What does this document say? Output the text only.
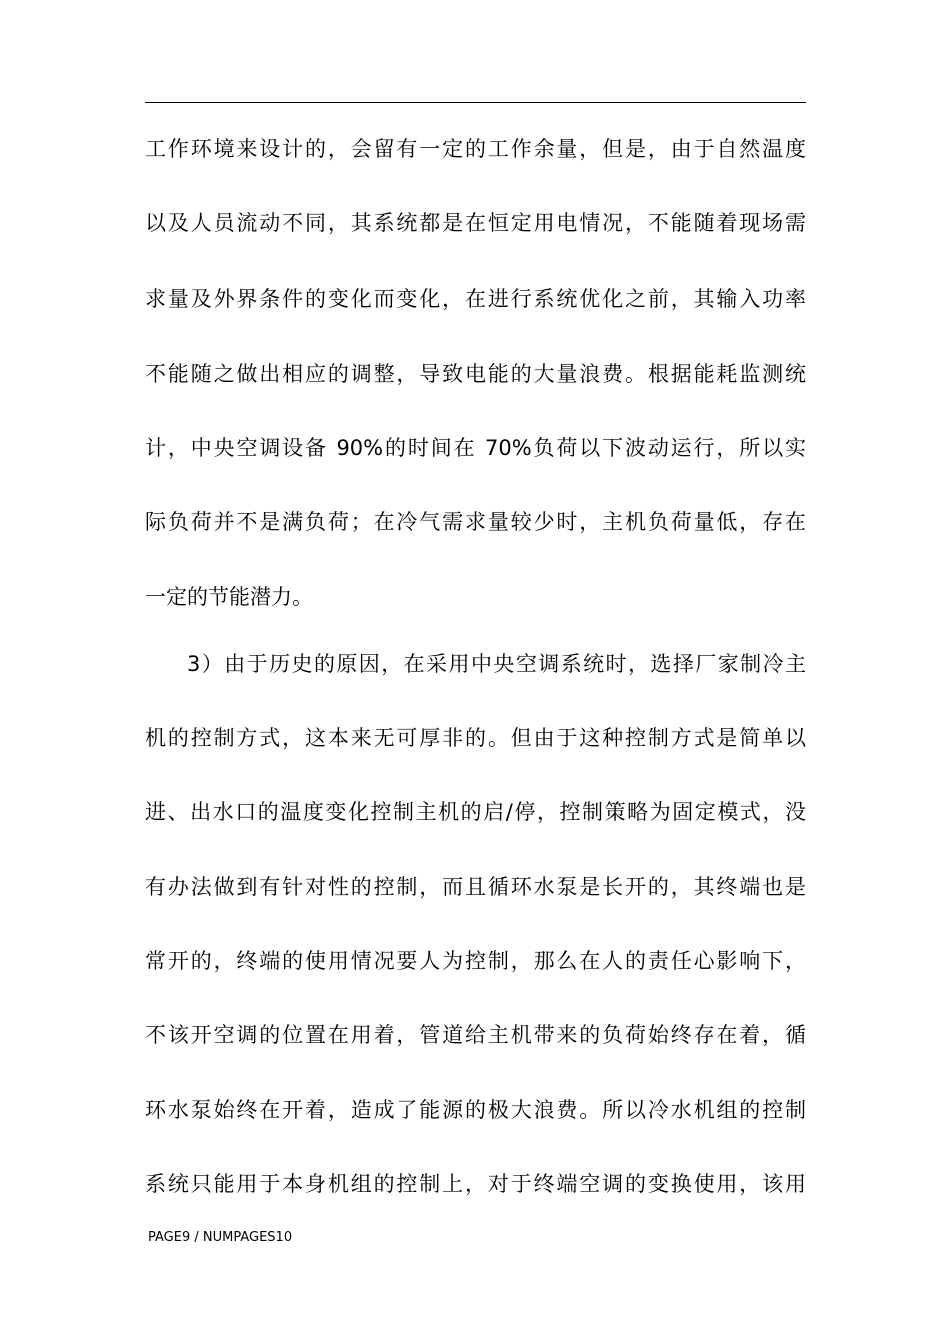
工作环境来设计的，会留有一定的工作余量，但是，由于自然温度
以及人员流动不同，其系统都是在恒定用电情况，不能随着现场需
求量及外界条件的变化而变化，在进行系统优化之前，其输入功率
不能随之做出相应的调整，导致电能的大量浪费。根据能耗监测统
计，中央空调设备 90%的时间在 70%负荷以下波动运行，所以实
际负荷并不是满负荷；在冷气需求量较少时，主机负荷量低，存在
一定的节能潜力。
3）由于历史的原因，在采用中央空调系统时，选择厂家制冷主
机的控制方式，这本来无可厚非的。但由于这种控制方式是简单以
进、出水口的温度变化控制主机的启/停，控制策略为固定模式，没
有办法做到有针对性的控制，而且循环水泵是长开的，其终端也是
常开的，终端的使用情况要人为控制，那么在人的责任心影响下，
不该开空调的位置在用着，管道给主机带来的负荷始终存在着，循
环水泵始终在开着，造成了能源的极大浪费。所以冷水机组的控制
系统只能用于本身机组的控制上，对于终端空调的变换使用，该用
PAGE9 / NUMPAGES10
